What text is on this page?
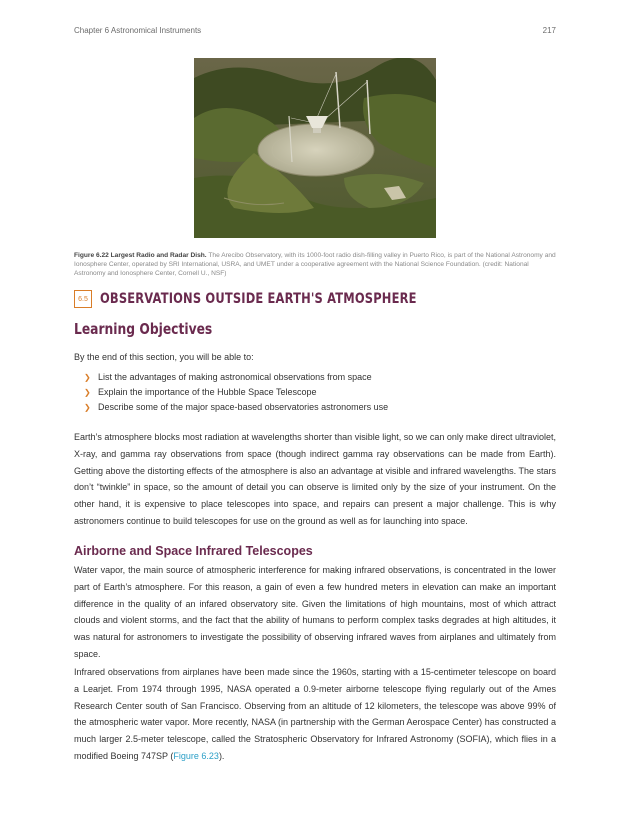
Chapter 6 Astronomical Instruments	217
Figure 6.22 Largest Radio and Radar Dish. The Arecibo Observatory, with its 1000-foot radio dish-filling valley in Puerto Rico, is part of the National Astronomy and Ionosphere Center, operated by SRI International, USRA, and UMET under a cooperative agreement with the National Science Foundation. (credit: National Astronomy and Ionosphere Center, Cornell U., NSF)
6.5 OBSERVATIONS OUTSIDE EARTH'S ATMOSPHERE
Learning Objectives
By the end of this section, you will be able to:
❯ List the advantages of making astronomical observations from space
❯ Explain the importance of the Hubble Space Telescope
❯ Describe some of the major space-based observatories astronomers use

Earth’s atmosphere blocks most radiation at wavelengths shorter than visible light, so we can only make direct ultraviolet, X-ray, and gamma ray observations from space (though indirect gamma ray observations can be made from Earth). Getting above the distorting effects of the atmosphere is also an advantage at visible and infrared wavelengths. The stars don’t “twinkle” in space, so the amount of detail you can observe is limited only by the size of your instrument. On the other hand, it is expensive to place telescopes into space, and repairs can present a major challenge. This is why astronomers continue to build telescopes for use on the ground as well as for launching into space.

Airborne and Space Infrared Telescopes

Water vapor, the main source of atmospheric interference for making infrared observations, is concentrated in the lower part of Earth’s atmosphere. For this reason, a gain of even a few hundred meters in elevation can make an important difference in the quality of an infared observatory site. Given the limitations of high mountains, most of which attract clouds and violent storms, and the fact that the ability of humans to perform complex tasks degrades at high altitudes, it was natural for astronomers to investigate the possibility of observing infrared waves from airplanes and ultimately from space.

Infrared observations from airplanes have been made since the 1960s, starting with a 15-centimeter telescope on board a Learjet. From 1974 through 1995, NASA operated a 0.9-meter airborne telescope flying regularly out of the Ames Research Center south of San Francisco. Observing from an altitude of 12 kilometers, the telescope was above 99% of the atmospheric water vapor. More recently, NASA (in partnership with the German Aerospace Center) has constructed a much larger 2.5-meter telescope, called the Stratospheric Observatory for Infrared Astronomy (SOFIA), which flies in a modified Boeing 747SP (Figure 6.23).
